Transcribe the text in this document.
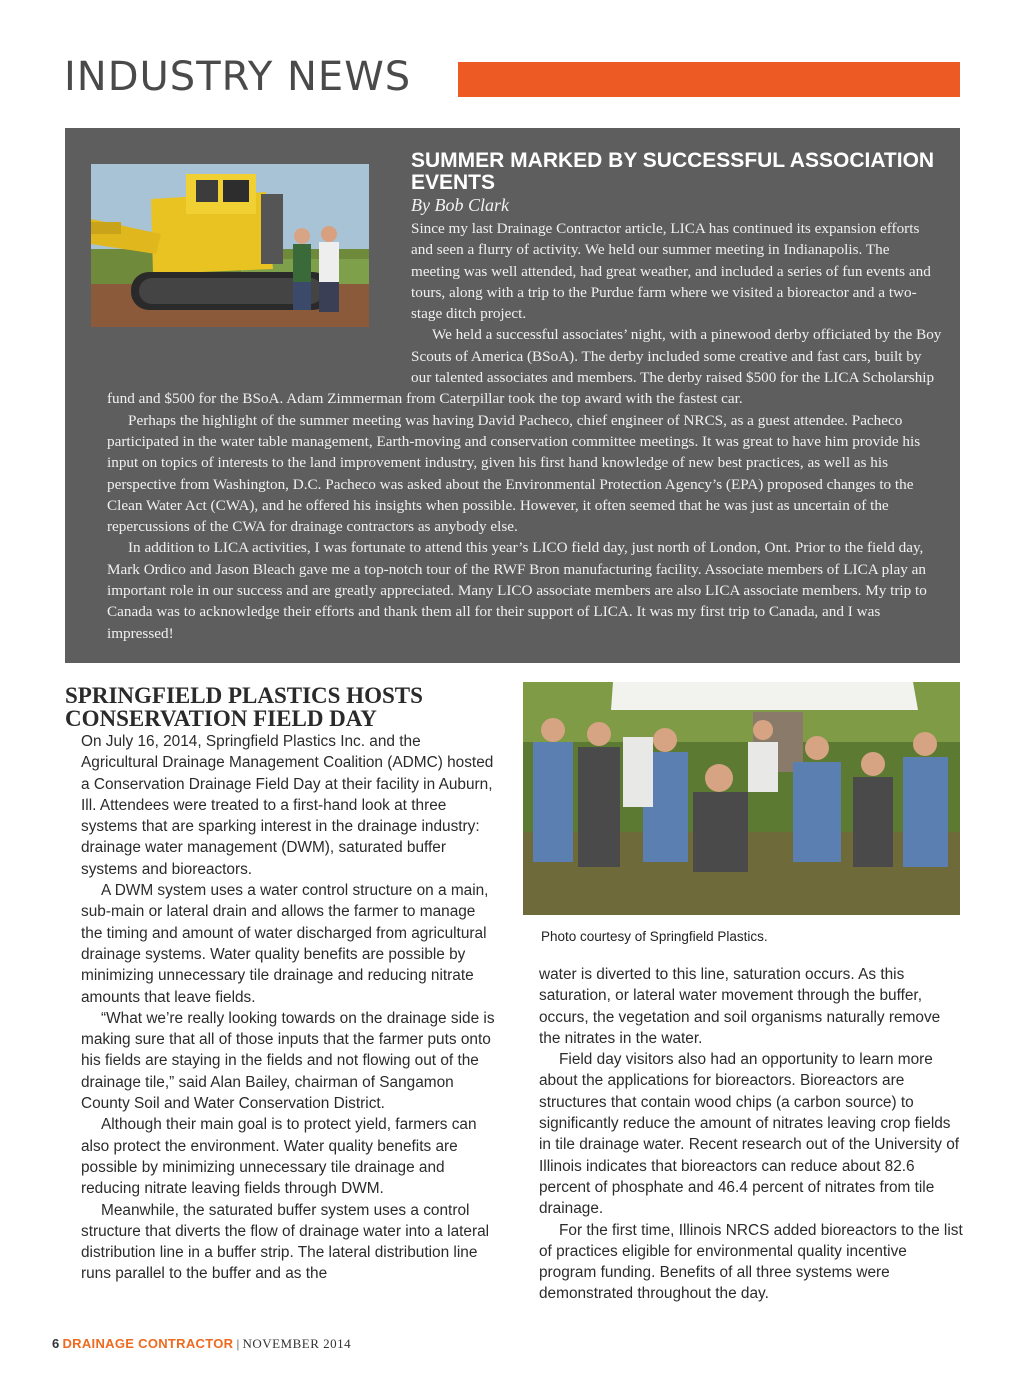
INDUSTRY NEWS
SUMMER MARKED BY SUCCESSFUL ASSOCIATION EVENTS
By Bob Clark

Since my last Drainage Contractor article, LICA has continued its expansion efforts and seen a flurry of activity. We held our summer meeting in Indianapolis. The meeting was well attended, had great weather, and included a series of fun events and tours, along with a trip to the Purdue farm where we visited a bioreactor and a two-stage ditch project.

We held a successful associates’ night, with a pinewood derby officiated by the Boy Scouts of America (BSoA). The derby included some creative and fast cars, built by our talented associates and members. The derby raised $500 for the LICA Scholarship fund and $500 for the BSoA. Adam Zimmerman from Caterpillar took the top award with the fastest car.

Perhaps the highlight of the summer meeting was having David Pacheco, chief engineer of NRCS, as a guest attendee. Pacheco participated in the water table management, Earth-moving and conservation committee meetings. It was great to have him provide his input on topics of interests to the land improvement industry, given his first hand knowledge of new best practices, as well as his perspective from Washington, D.C. Pacheco was asked about the Environmental Protection Agency’s (EPA) proposed changes to the Clean Water Act (CWA), and he offered his insights when possible. However, it often seemed that he was just as uncertain of the repercussions of the CWA for drainage contractors as anybody else.

In addition to LICA activities, I was fortunate to attend this year’s LICO field day, just north of London, Ont. Prior to the field day, Mark Ordico and Jason Bleach gave me a top-notch tour of the RWF Bron manufacturing facility. Associate members of LICA play an important role in our success and are greatly appreciated. Many LICO associate members are also LICA associate members. My trip to Canada was to acknowledge their efforts and thank them all for their support of LICA. It was my first trip to Canada, and I was impressed!

SPRINGFIELD PLASTICS HOSTS CONSERVATION FIELD DAY

On July 16, 2014, Springfield Plastics Inc. and the Agricultural Drainage Management Coalition (ADMC) hosted a Conservation Drainage Field Day at their facility in Auburn, Ill. Attendees were treated to a first-hand look at three systems that are sparking interest in the drainage industry: drainage water management (DWM), saturated buffer systems and bioreactors.

A DWM system uses a water control structure on a main, sub-main or lateral drain and allows the farmer to manage the timing and amount of water discharged from agricultural drainage systems. Water quality benefits are possible by minimizing unnecessary tile drainage and reducing nitrate amounts that leave fields.

“What we’re really looking towards on the drainage side is making sure that all of those inputs that the farmer puts onto his fields are staying in the fields and not flowing out of the drainage tile,” said Alan Bailey, chairman of Sangamon County Soil and Water Conservation District.

Although their main goal is to protect yield, farmers can also protect the environment. Water quality benefits are possible by minimizing unnecessary tile drainage and reducing nitrate leaving fields through DWM.

Meanwhile, the saturated buffer system uses a control structure that diverts the flow of drainage water into a lateral distribution line in a buffer strip. The lateral distribution line runs parallel to the buffer and as the

Photo courtesy of Springfield Plastics.

water is diverted to this line, saturation occurs. As this saturation, or lateral water movement through the buffer, occurs, the vegetation and soil organisms naturally remove the nitrates in the water.

Field day visitors also had an opportunity to learn more about the applications for bioreactors. Bioreactors are structures that contain wood chips (a carbon source) to significantly reduce the amount of nitrates leaving crop fields in tile drainage water. Recent research out of the University of Illinois indicates that bioreactors can reduce about 82.6 percent of phosphate and 46.4 percent of nitrates from tile drainage.

For the first time, Illinois NRCS added bioreactors to the list of practices eligible for environmental quality incentive program funding. Benefits of all three systems were demonstrated throughout the day.

6 DRAINAGE CONTRACTOR | NOVEMBER 2014
